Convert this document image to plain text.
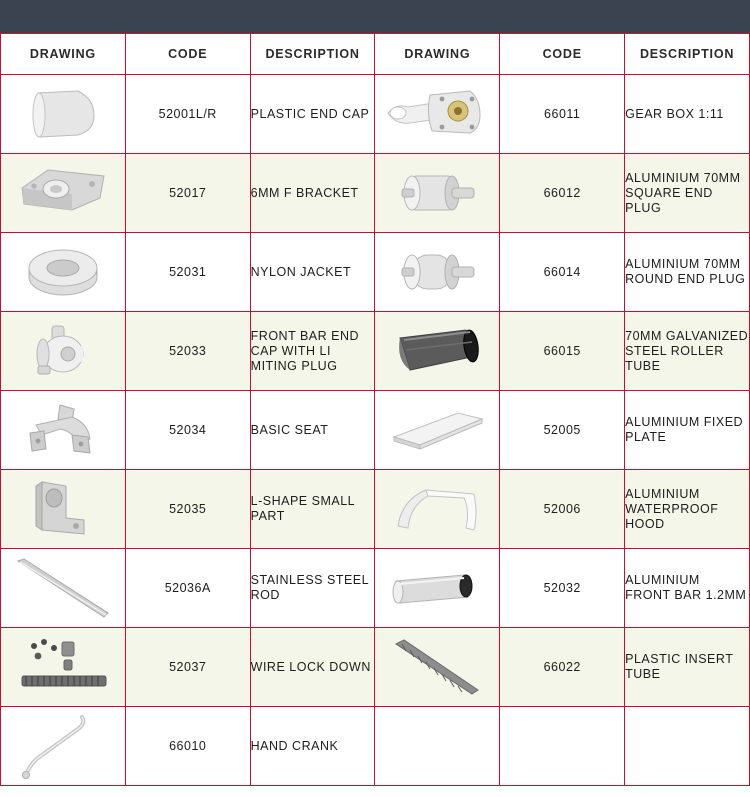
DRAWING	CODE	DESCRIPTION	DRAWING	CODE	DESCRIPTION

	52001L/R	PLASTIC END CAP		66011	GEAR BOX 1:11

	52017	6MM F BRACKET		66012	ALUMINIUM 70MM SQUARE END PLUG

	52031	NYLON JACKET		66014	ALUMINIUM 70MM ROUND END PLUG

	52033	FRONT BAR END CAP WITH LI MITING PLUG		66015	70MM GALVANIZED STEEL ROLLER TUBE

	52034	BASIC SEAT		52005	ALUMINIUM FIXED PLATE

	52035	L-SHAPE SMALL PART		52006	ALUMINIUM WATERPROOF HOOD

	52036A	STAINLESS STEEL ROD		52032	ALUMINIUM FRONT BAR 1.2MM

	52037	WIRE LOCK DOWN		66022	PLASTIC INSERT TUBE

	66010	HAND CRANK			
